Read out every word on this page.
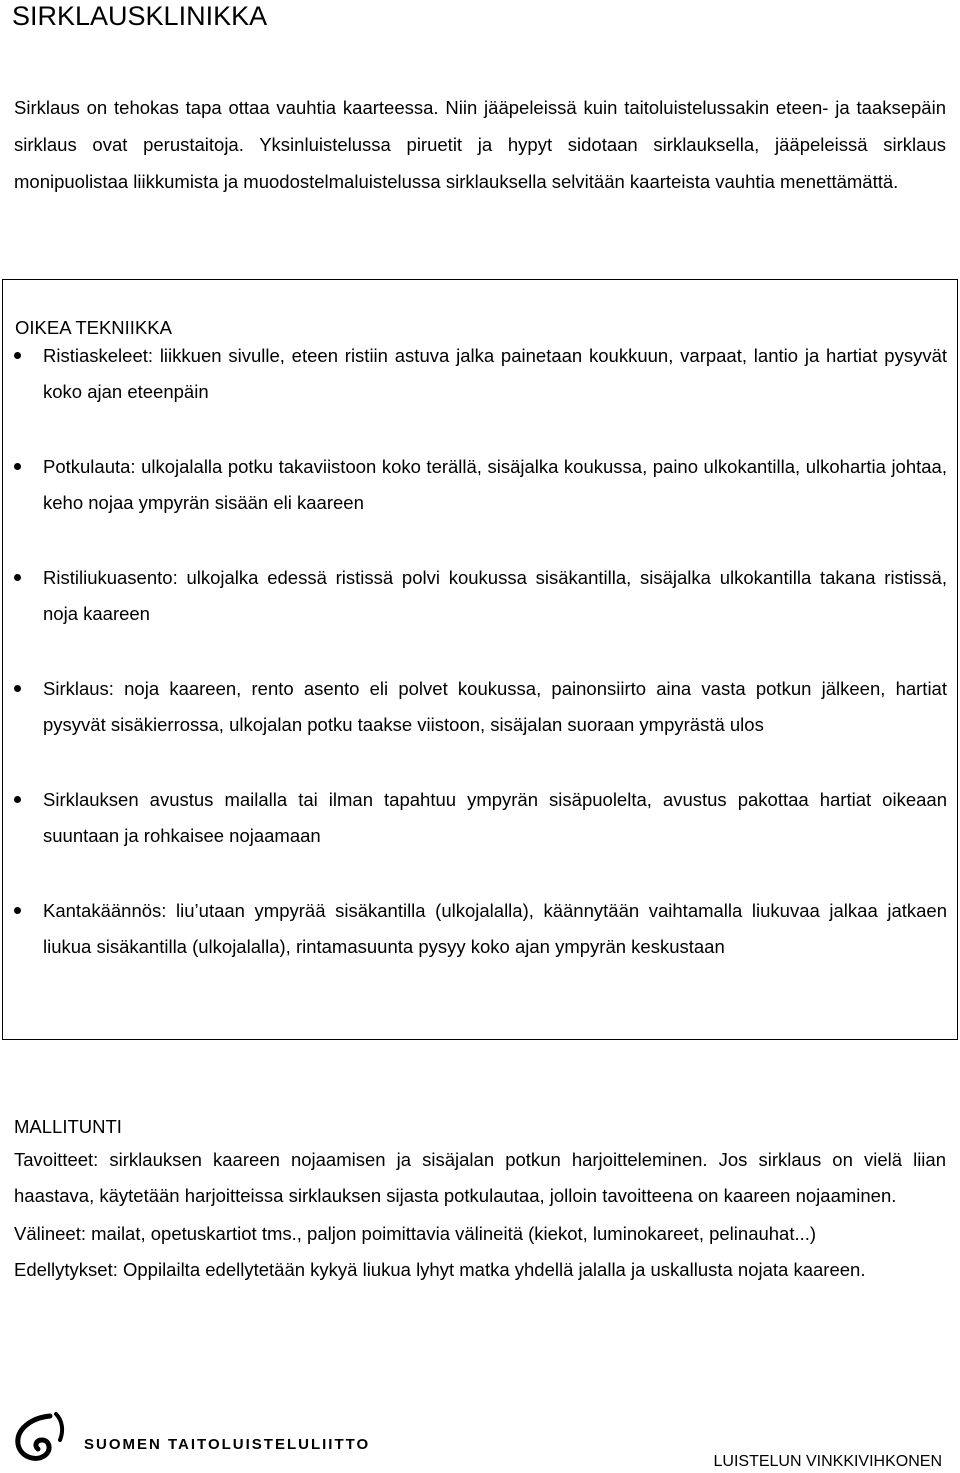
SIRKLAUSKLINIKKA

Sirklaus on tehokas tapa ottaa vauhtia kaarteessa. Niin jääpeleissä kuin taitoluistelussakin eteen- ja taaksepäin sirklaus ovat perustaitoja. Yksinluistelussa piruetit ja hypyt sidotaan sirklauksella, jääpeleissä sirklaus monipuolistaa liikkumista ja muodostelmaluistelussa sirklauksella selvitään kaarteista vauhtia menettämättä.

OIKEA TEKNIIKKA
Ristiaskeleet: liikkuen sivulle, eteen ristiin astuva jalka painetaan koukkuun, varpaat, lantio ja hartiat pysyvät koko ajan eteenpäin
Potkulauta: ulkojalalla potku takaviistoon koko terällä, sisäjalka koukussa, paino ulkokantilla, ulkohartia johtaa, keho nojaa ympyrän sisään eli kaareen
Ristiliukuasento: ulkojalka edessä ristissä polvi koukussa sisäkantilla, sisäjalka ulkokantilla takana ristissä, noja kaareen
Sirklaus: noja kaareen, rento asento eli polvet koukussa, painonsiirto aina vasta potkun jälkeen, hartiat pysyvät sisäkierrossa, ulkojalan potku taakse viistoon, sisäjalan suoraan ympyrästä ulos
Sirklauksen avustus mailalla tai ilman tapahtuu ympyrän sisäpuolelta, avustus pakottaa hartiat oikeaan suuntaan ja rohkaisee nojaamaan
Kantakäännös: liu’utaan ympyrää sisäkantilla (ulkojalalla), käännytään vaihtamalla liukuvaa jalkaa jatkaen liukua sisäkantilla (ulkojalalla), rintamasuunta pysyy koko ajan ympyrän keskustaan
MALLITUNTI

Tavoitteet: sirklauksen kaareen nojaamisen ja sisäjalan potkun harjoitteleminen. Jos sirklaus on vielä liian haastava, käytetään harjoitteissa sirklauksen sijasta potkulautaa, jolloin tavoitteena on kaareen nojaaminen.

Välineet: mailat, opetuskartiot tms., paljon poimittavia välineitä (kiekot, luminokareet, pelinauhat...)

Edellytykset: Oppilailta edellytetään kykyä liukua lyhyt matka yhdellä jalalla ja uskallusta nojata kaareen.

SUOMEN TAITOLUISTELULIITTO
LUISTELUN VINKKIVIHKONEN
